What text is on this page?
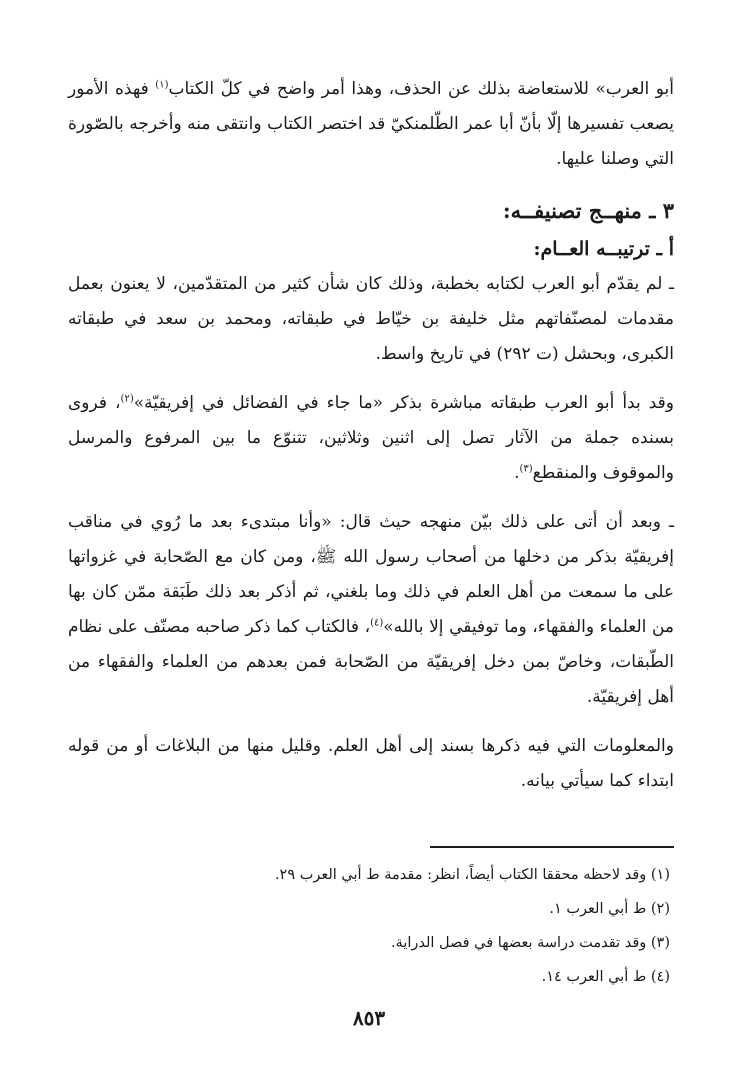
أبو العرب» للاستعاضة بذلك عن الحذف، وهذا أمر واضح في كلّ الكتاب$^{(١)}$ فهذه الأمور يصعب تفسيرها إلّا بأنّ أبا عمر الطّلمنكيّ قد اختصر الكتاب وانتقى منه وأخرجه بالصّورة التي وصلنا عليها.

٣ ـ منهــج تصنيفــه:
أ ـ ترتيبــه العــام:

ـ لم يقدّم أبو العرب لكتابه بخطبة، وذلك كان شأن كثير من المتقدّمين، لا يعنون بعمل مقدمات لمصنّفاتهم مثل خليفة بن خيّاط في طبقاته، ومحمد بن سعد في طبقاته الكبرى، وبحشل (ت ٢٩٢) في تاريخ واسط.

وقد بدأ أبو العرب طبقاته مباشرة بذكر «ما جاء في الفضائل في إفريقيّة»$^{(٢)}$، فروى بسنده جملة من الآثار تصل إلى اثنين وثلاثين، تتنوّع ما بين المرفوع والمرسل والموقوف والمنقطع$^{(٣)}$.

ـ وبعد أن أتى على ذلك بيّن منهجه حيث قال: «وأنا مبتدىء بعد ما رُوي في مناقب إفريقيّة بذكر من دخلها من أصحاب رسول الله ﷺ، ومن كان مع الصّحابة في غزواتها على ما سمعت من أهل العلم في ذلك وما بلغني، ثم أذكر بعد ذلك طَبَقة ممّن كان بها من العلماء والفقهاء، وما توفيقي إلا بالله»$^{(٤)}$، فالكتاب كما ذكر صاحبه مصنّف على نظام الطّبقات، وخاصّ بمن دخل إفريقيّة من الصّحابة فمن بعدهم من العلماء والفقهاء من أهل إفريقيّة.

والمعلومات التي فيه ذكرها بسند إلى أهل العلم. وقليل منها من البلاغات أو من قوله ابتداء كما سيأتي بيانه.

(١) وقد لاحظه محققا الكتاب أيضاً، انظر: مقدمة ط أبي العرب ٢٩.

(٢) ط أبي العرب ١.

(٣) وقد تقدمت دراسة بعضها في فصل الدراية.

(٤) ط أبي العرب ١٤.

٨٥٣
